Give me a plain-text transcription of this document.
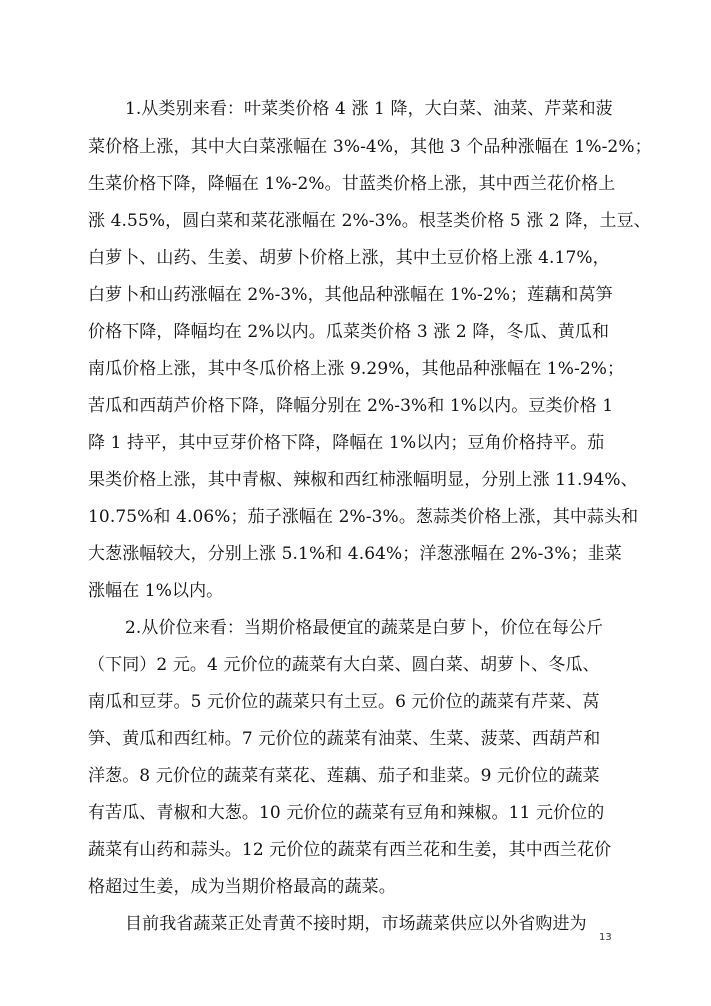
1.从类别来看：叶菜类价格 4 涨 1 降，大白菜、油菜、芹菜和菠
菜价格上涨，其中大白菜涨幅在 3%-4%，其他 3 个品种涨幅在 1%-2%；
生菜价格下降，降幅在 1%-2%。甘蓝类价格上涨，其中西兰花价格上
涨 4.55%，圆白菜和菜花涨幅在 2%-3%。根茎类价格 5 涨 2 降，土豆、
白萝卜、山药、生姜、胡萝卜价格上涨，其中土豆价格上涨 4.17%，
白萝卜和山药涨幅在 2%-3%，其他品种涨幅在 1%-2%；莲藕和莴笋
价格下降，降幅均在 2%以内。瓜菜类价格 3 涨 2 降，冬瓜、黄瓜和
南瓜价格上涨，其中冬瓜价格上涨 9.29%，其他品种涨幅在 1%-2%；
苦瓜和西葫芦价格下降，降幅分别在 2%-3%和 1%以内。豆类价格 1
降 1 持平，其中豆芽价格下降，降幅在 1%以内；豆角价格持平。茄
果类价格上涨，其中青椒、辣椒和西红柿涨幅明显，分别上涨 11.94%、
10.75%和 4.06%；茄子涨幅在 2%-3%。葱蒜类价格上涨，其中蒜头和
大葱涨幅较大，分别上涨 5.1%和 4.64%；洋葱涨幅在 2%-3%；韭菜
涨幅在 1%以内。
2.从价位来看：当期价格最便宜的蔬菜是白萝卜，价位在每公斤
（下同）2 元。4 元价位的蔬菜有大白菜、圆白菜、胡萝卜、冬瓜、
南瓜和豆芽。5 元价位的蔬菜只有土豆。6 元价位的蔬菜有芹菜、莴
笋、黄瓜和西红柿。7 元价位的蔬菜有油菜、生菜、菠菜、西葫芦和
洋葱。8 元价位的蔬菜有菜花、莲藕、茄子和韭菜。9 元价位的蔬菜
有苦瓜、青椒和大葱。10 元价位的蔬菜有豆角和辣椒。11 元价位的
蔬菜有山药和蒜头。12 元价位的蔬菜有西兰花和生姜，其中西兰花价
格超过生姜，成为当期价格最高的蔬菜。
目前我省蔬菜正处青黄不接时期，市场蔬菜供应以外省购进为
13
